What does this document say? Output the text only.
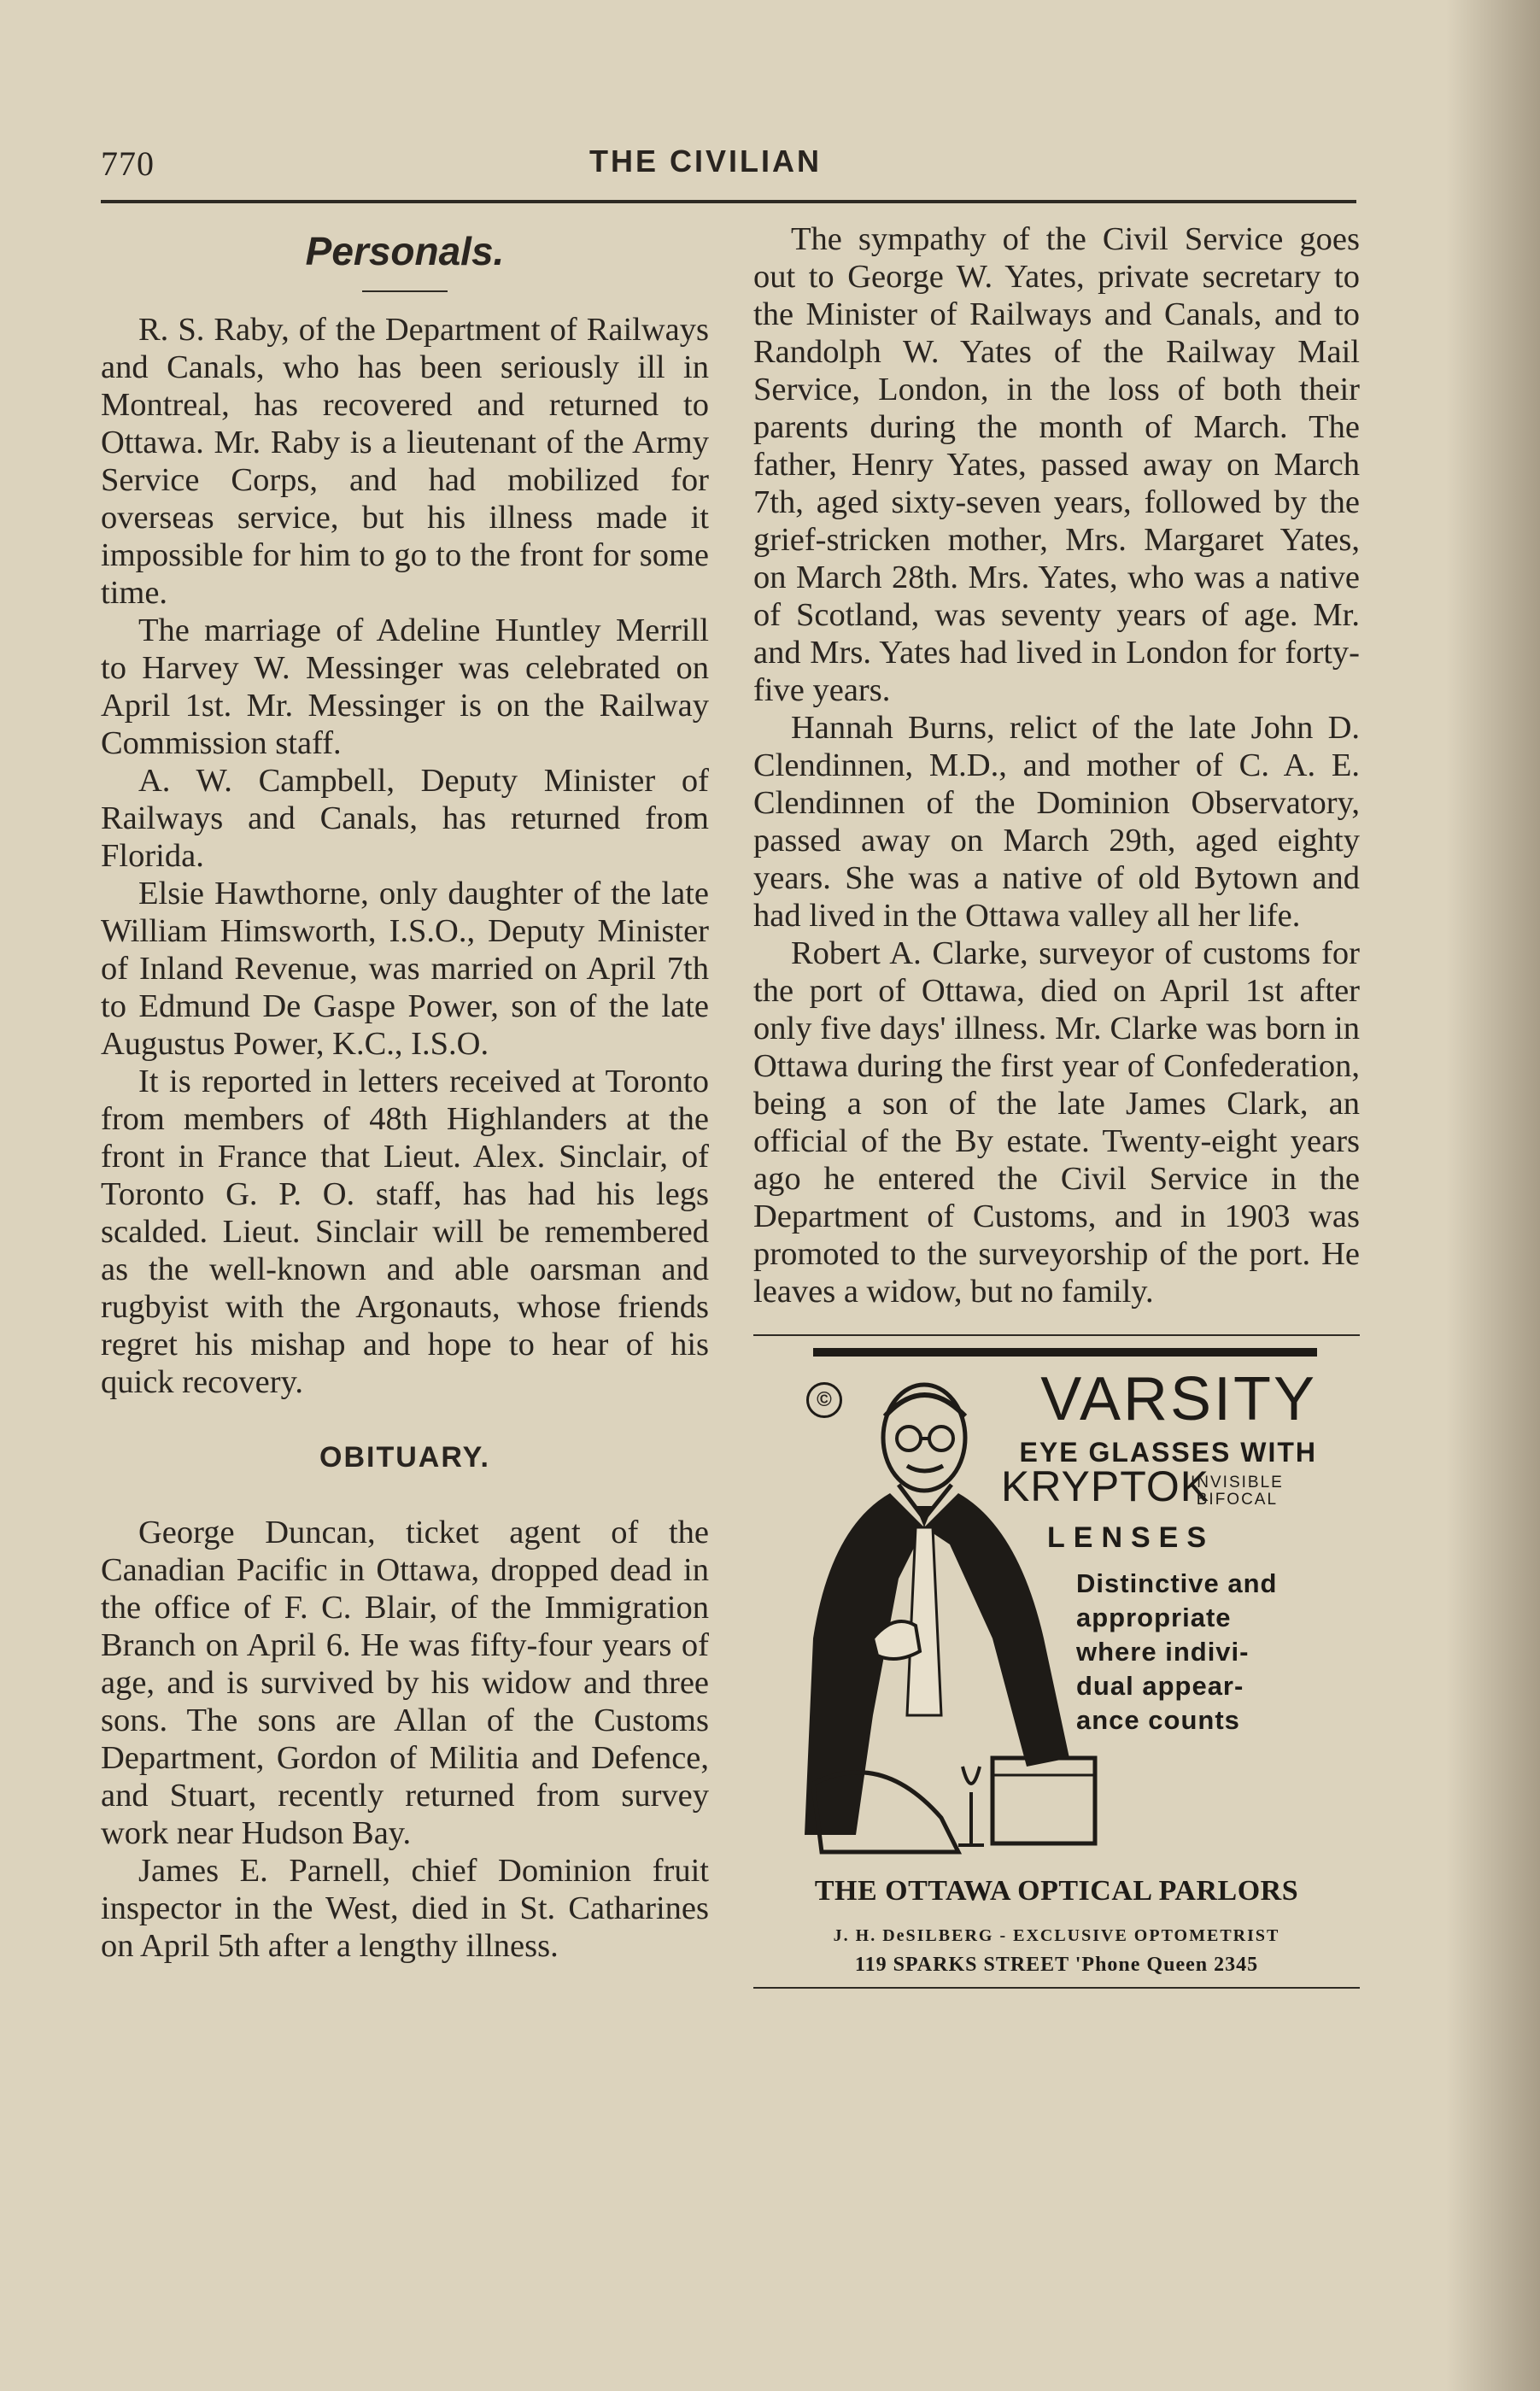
770	THE CIVILIAN
Personals.

R. S. Raby, of the Department of Railways and Canals, who has been seriously ill in Montreal, has recovered and returned to Ottawa. Mr. Raby is a lieutenant of the Army Service Corps, and had mobilized for overseas service, but his illness made it impossible for him to go to the front for some time.

The marriage of Adeline Huntley Merrill to Harvey W. Messinger was celebrated on April 1st. Mr. Messinger is on the Railway Commission staff.

A. W. Campbell, Deputy Minister of Railways and Canals, has returned from Florida.

Elsie Hawthorne, only daughter of the late William Himsworth, I.S.O., Deputy Minister of Inland Revenue, was married on April 7th to Edmund De Gaspe Power, son of the late Augustus Power, K.C., I.S.O.

It is reported in letters received at Toronto from members of 48th Highlanders at the front in France that Lieut. Alex. Sinclair, of Toronto G. P. O. staff, has had his legs scalded. Lieut. Sinclair will be remembered as the well-known and able oarsman and rugbyist with the Argonauts, whose friends regret his mishap and hope to hear of his quick recovery.

OBITUARY.

George Duncan, ticket agent of the Canadian Pacific in Ottawa, dropped dead in the office of F. C. Blair, of the Immigration Branch on April 6. He was fifty-four years of age, and is survived by his widow and three sons. The sons are Allan of the Customs Department, Gordon of Militia and Defence, and Stuart, recently returned from survey work near Hudson Bay.

James E. Parnell, chief Dominion fruit inspector in the West, died in St. Catharines on April 5th after a lengthy illness.

The sympathy of the Civil Service goes out to George W. Yates, private secretary to the Minister of Railways and Canals, and to Randolph W. Yates of the Railway Mail Service, London, in the loss of both their parents during the month of March. The father, Henry Yates, passed away on March 7th, aged sixty-seven years, followed by the grief-stricken mother, Mrs. Margaret Yates, on March 28th. Mrs. Yates, who was a native of Scotland, was seventy years of age. Mr. and Mrs. Yates had lived in London for forty-five years.

Hannah Burns, relict of the late John D. Clendinnen, M.D., and mother of C. A. E. Clendinnen of the Dominion Observatory, passed away on March 29th, aged eighty years. She was a native of old Bytown and had lived in the Ottawa valley all her life.

Robert A. Clarke, surveyor of customs for the port of Ottawa, died on April 1st after only five days' illness. Mr. Clarke was born in Ottawa during the first year of Confederation, being a son of the late James Clark, an official of the By estate. Twenty-eight years ago he entered the Civil Service in the Department of Customs, and in 1903 was promoted to the surveyorship of the port. He leaves a widow, but no family.

©	VARSITY
EYE GLASSES WITH
KRYPTOK
INVISIBLE
BIFOCAL
LENSES
Distinctive and
appropriate
where indivi-
dual appear-
ance counts
THE OTTAWA OPTICAL PARLORS
J. H. DeSILBERG - EXCLUSIVE OPTOMETRIST
119 SPARKS STREET 'Phone Queen 2345
